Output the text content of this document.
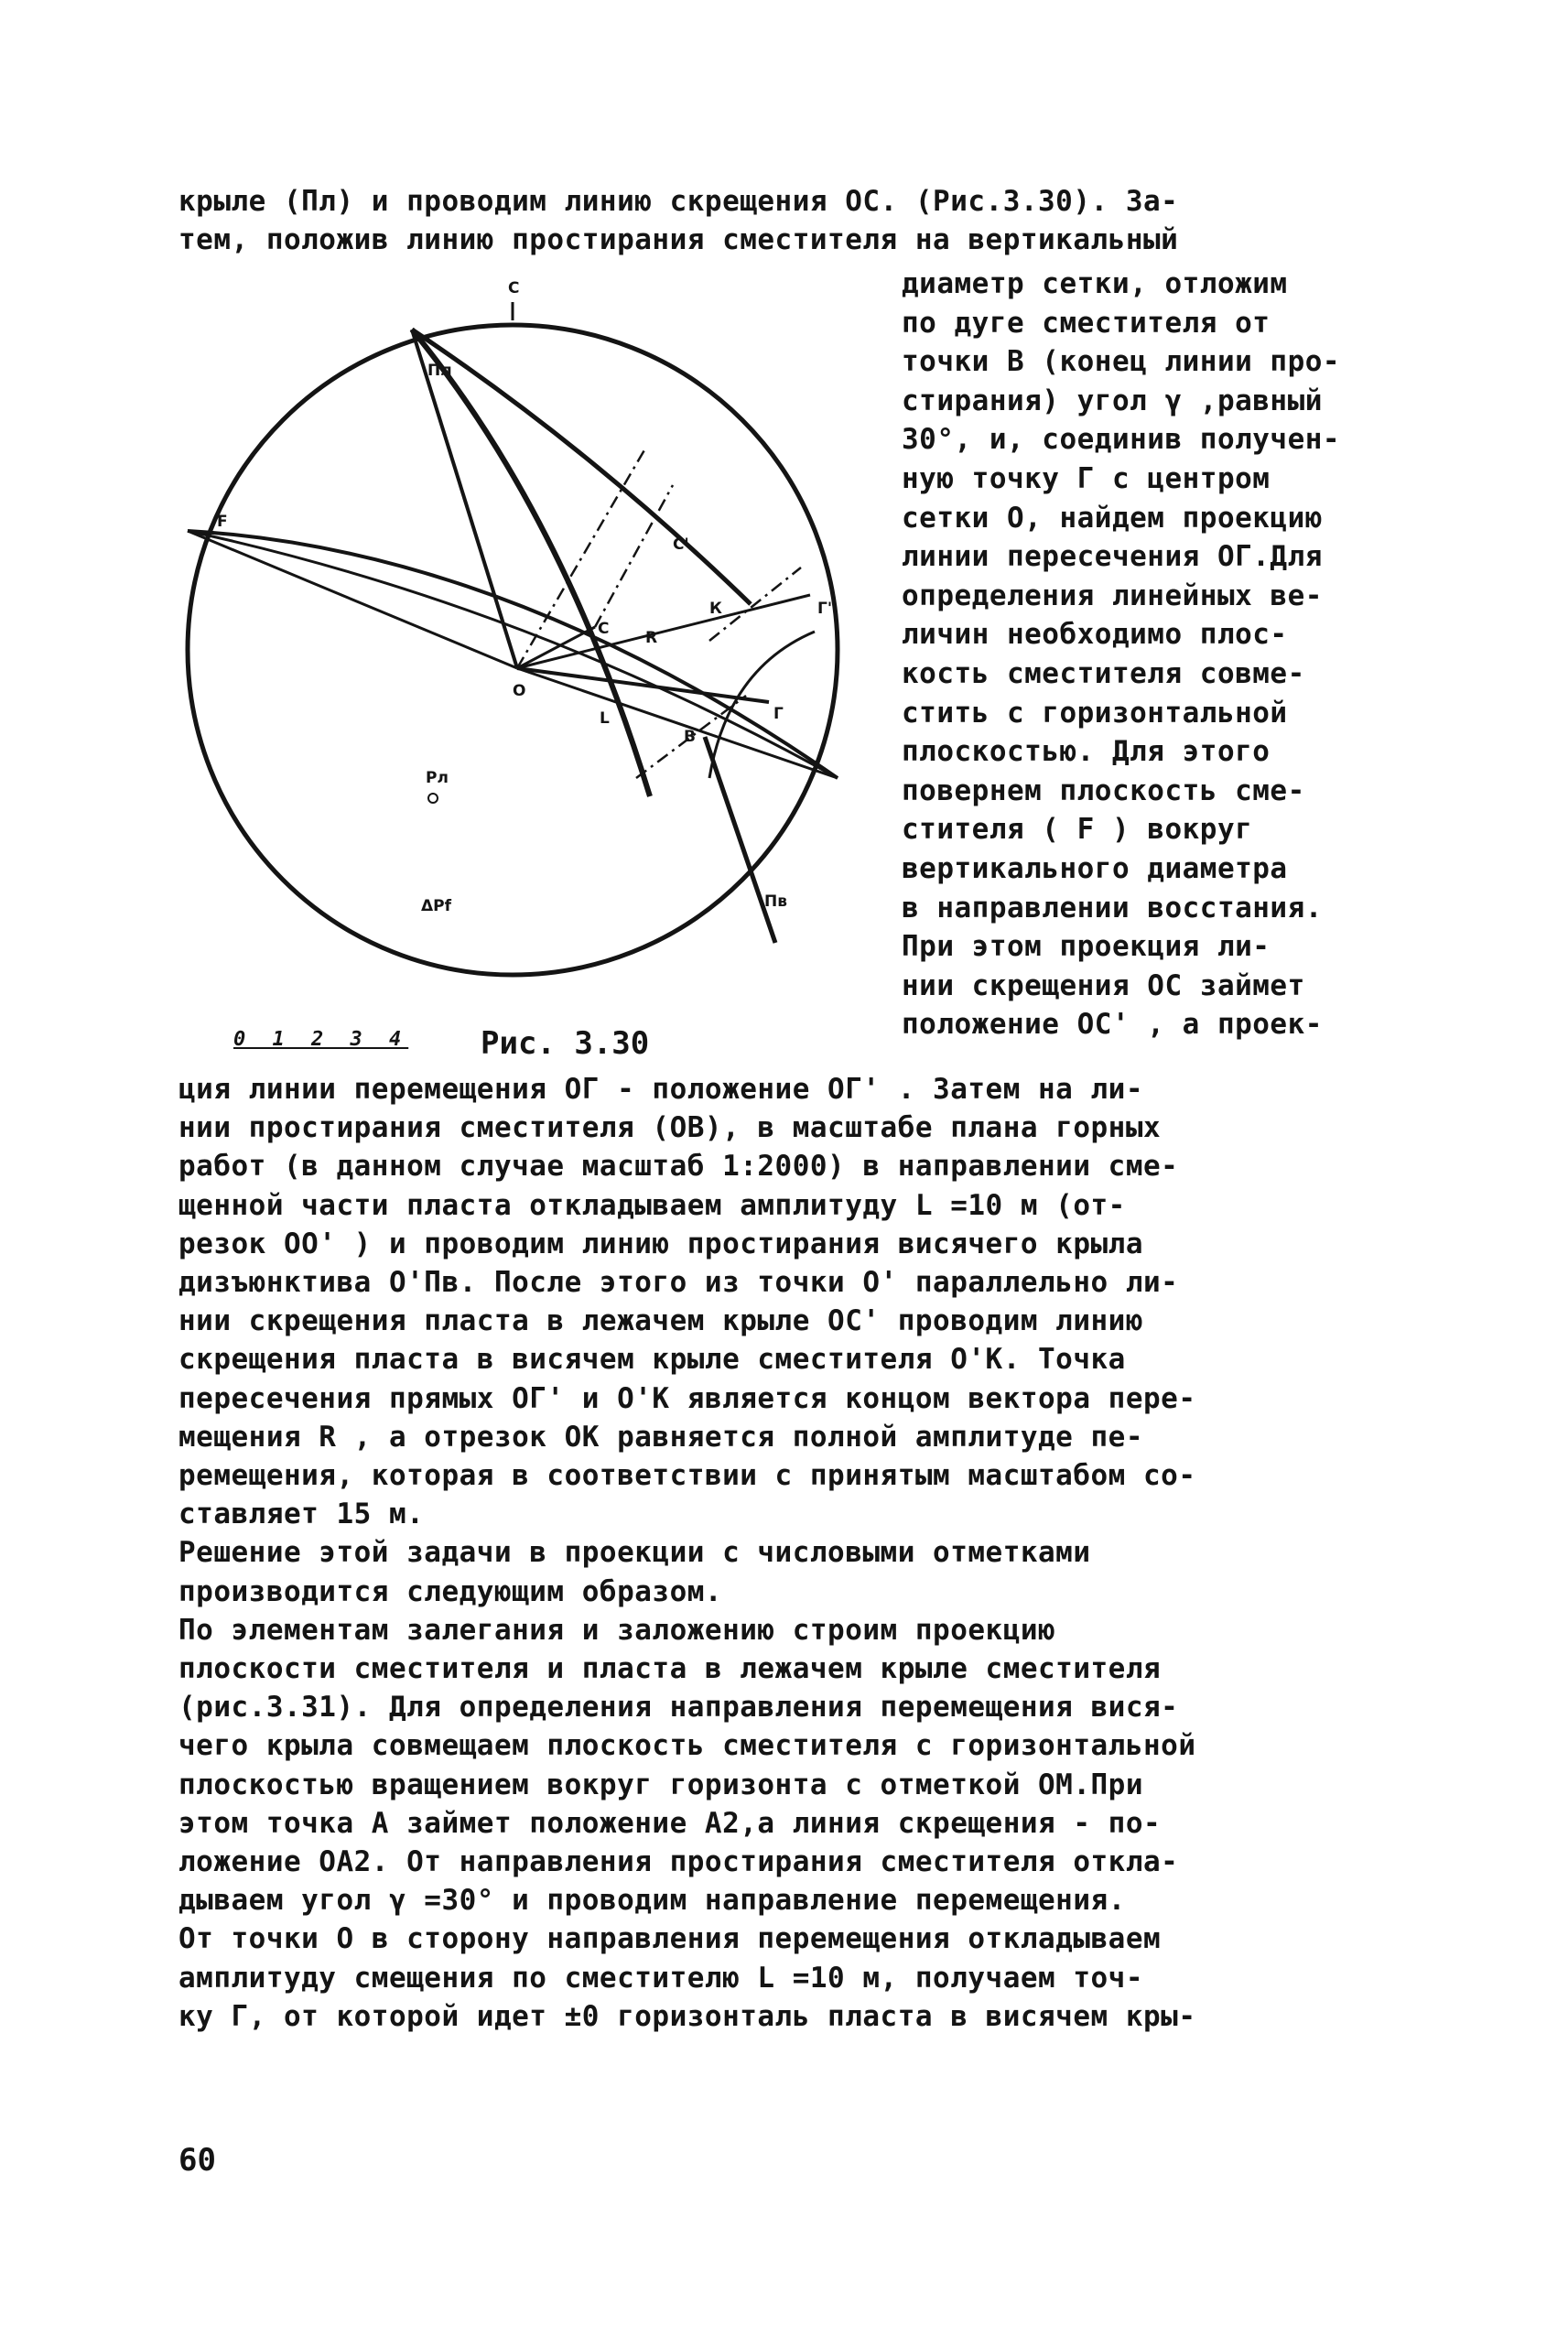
крыле (Пл) и проводим линию скрещения ОС. (Рис.3.30). За-
тем, положив линию простирания сместителя на вертикальный
диаметр сетки, отложим
по дуге сместителя от
точки В (конец линии про-
стирания) угол γ ,равный
30°, и, соединив получен-
ную точку Г с центром
сетки О, найдем проекцию
линии пересечения ОГ.Для
определения линейных ве-
личин необходимо плос-
кость сместителя совме-
стить с горизонтальной
плоскостью. Для этого
повернем плоскость сме-
стителя ( F ) вокруг
вертикального диаметра
в направлении восстания.
При этом проекция ли-
нии скрещения ОС займет
положение ОС' , а проек-
С
Пл
F
С'
С R
К	Г'
О
Г
L
В
Пв
Pл
ΔPf
0 1 2 3 4 Рис. 3.30
ция линии перемещения ОГ - положение ОГ' . Затем на ли-
нии простирания сместителя (ОВ), в масштабе плана горных
работ (в данном случае масштаб 1:2000) в направлении сме-
щенной части пласта откладываем амплитуду L =10 м (от-
резок ОО' ) и проводим линию простирания висячего крыла
дизъюнктива О'Пв. После этого из точки О' параллельно ли-
нии скрещения пласта в лежачем крыле ОС' проводим линию
скрещения пласта в висячем крыле сместителя О'К. Точка
пересечения прямых ОГ' и О'К является концом вектора пере-
мещения R , а отрезок ОК равняется полной амплитуде пе-
ремещения, которая в соответствии с принятым масштабом со-
ставляет 15 м.
Решение этой задачи в проекции с числовыми отметками
производится следующим образом.
По элементам залегания и заложению строим проекцию
плоскости сместителя и пласта в лежачем крыле сместителя
(рис.3.31). Для определения направления перемещения вися-
чего крыла совмещаем плоскость сместителя с горизонтальной
плоскостью вращением вокруг горизонта с отметкой ОМ.При
этом точка А займет положение А2,а линия скрещения - по-
ложение ОА2. От направления простирания сместителя откла-
дываем угол γ =30° и проводим направление перемещения.
От точки О в сторону направления перемещения откладываем
амплитуду смещения по сместителю L =10 м, получаем точ-
ку Г, от которой идет ±0 горизонталь пласта в висячем кры-
60
